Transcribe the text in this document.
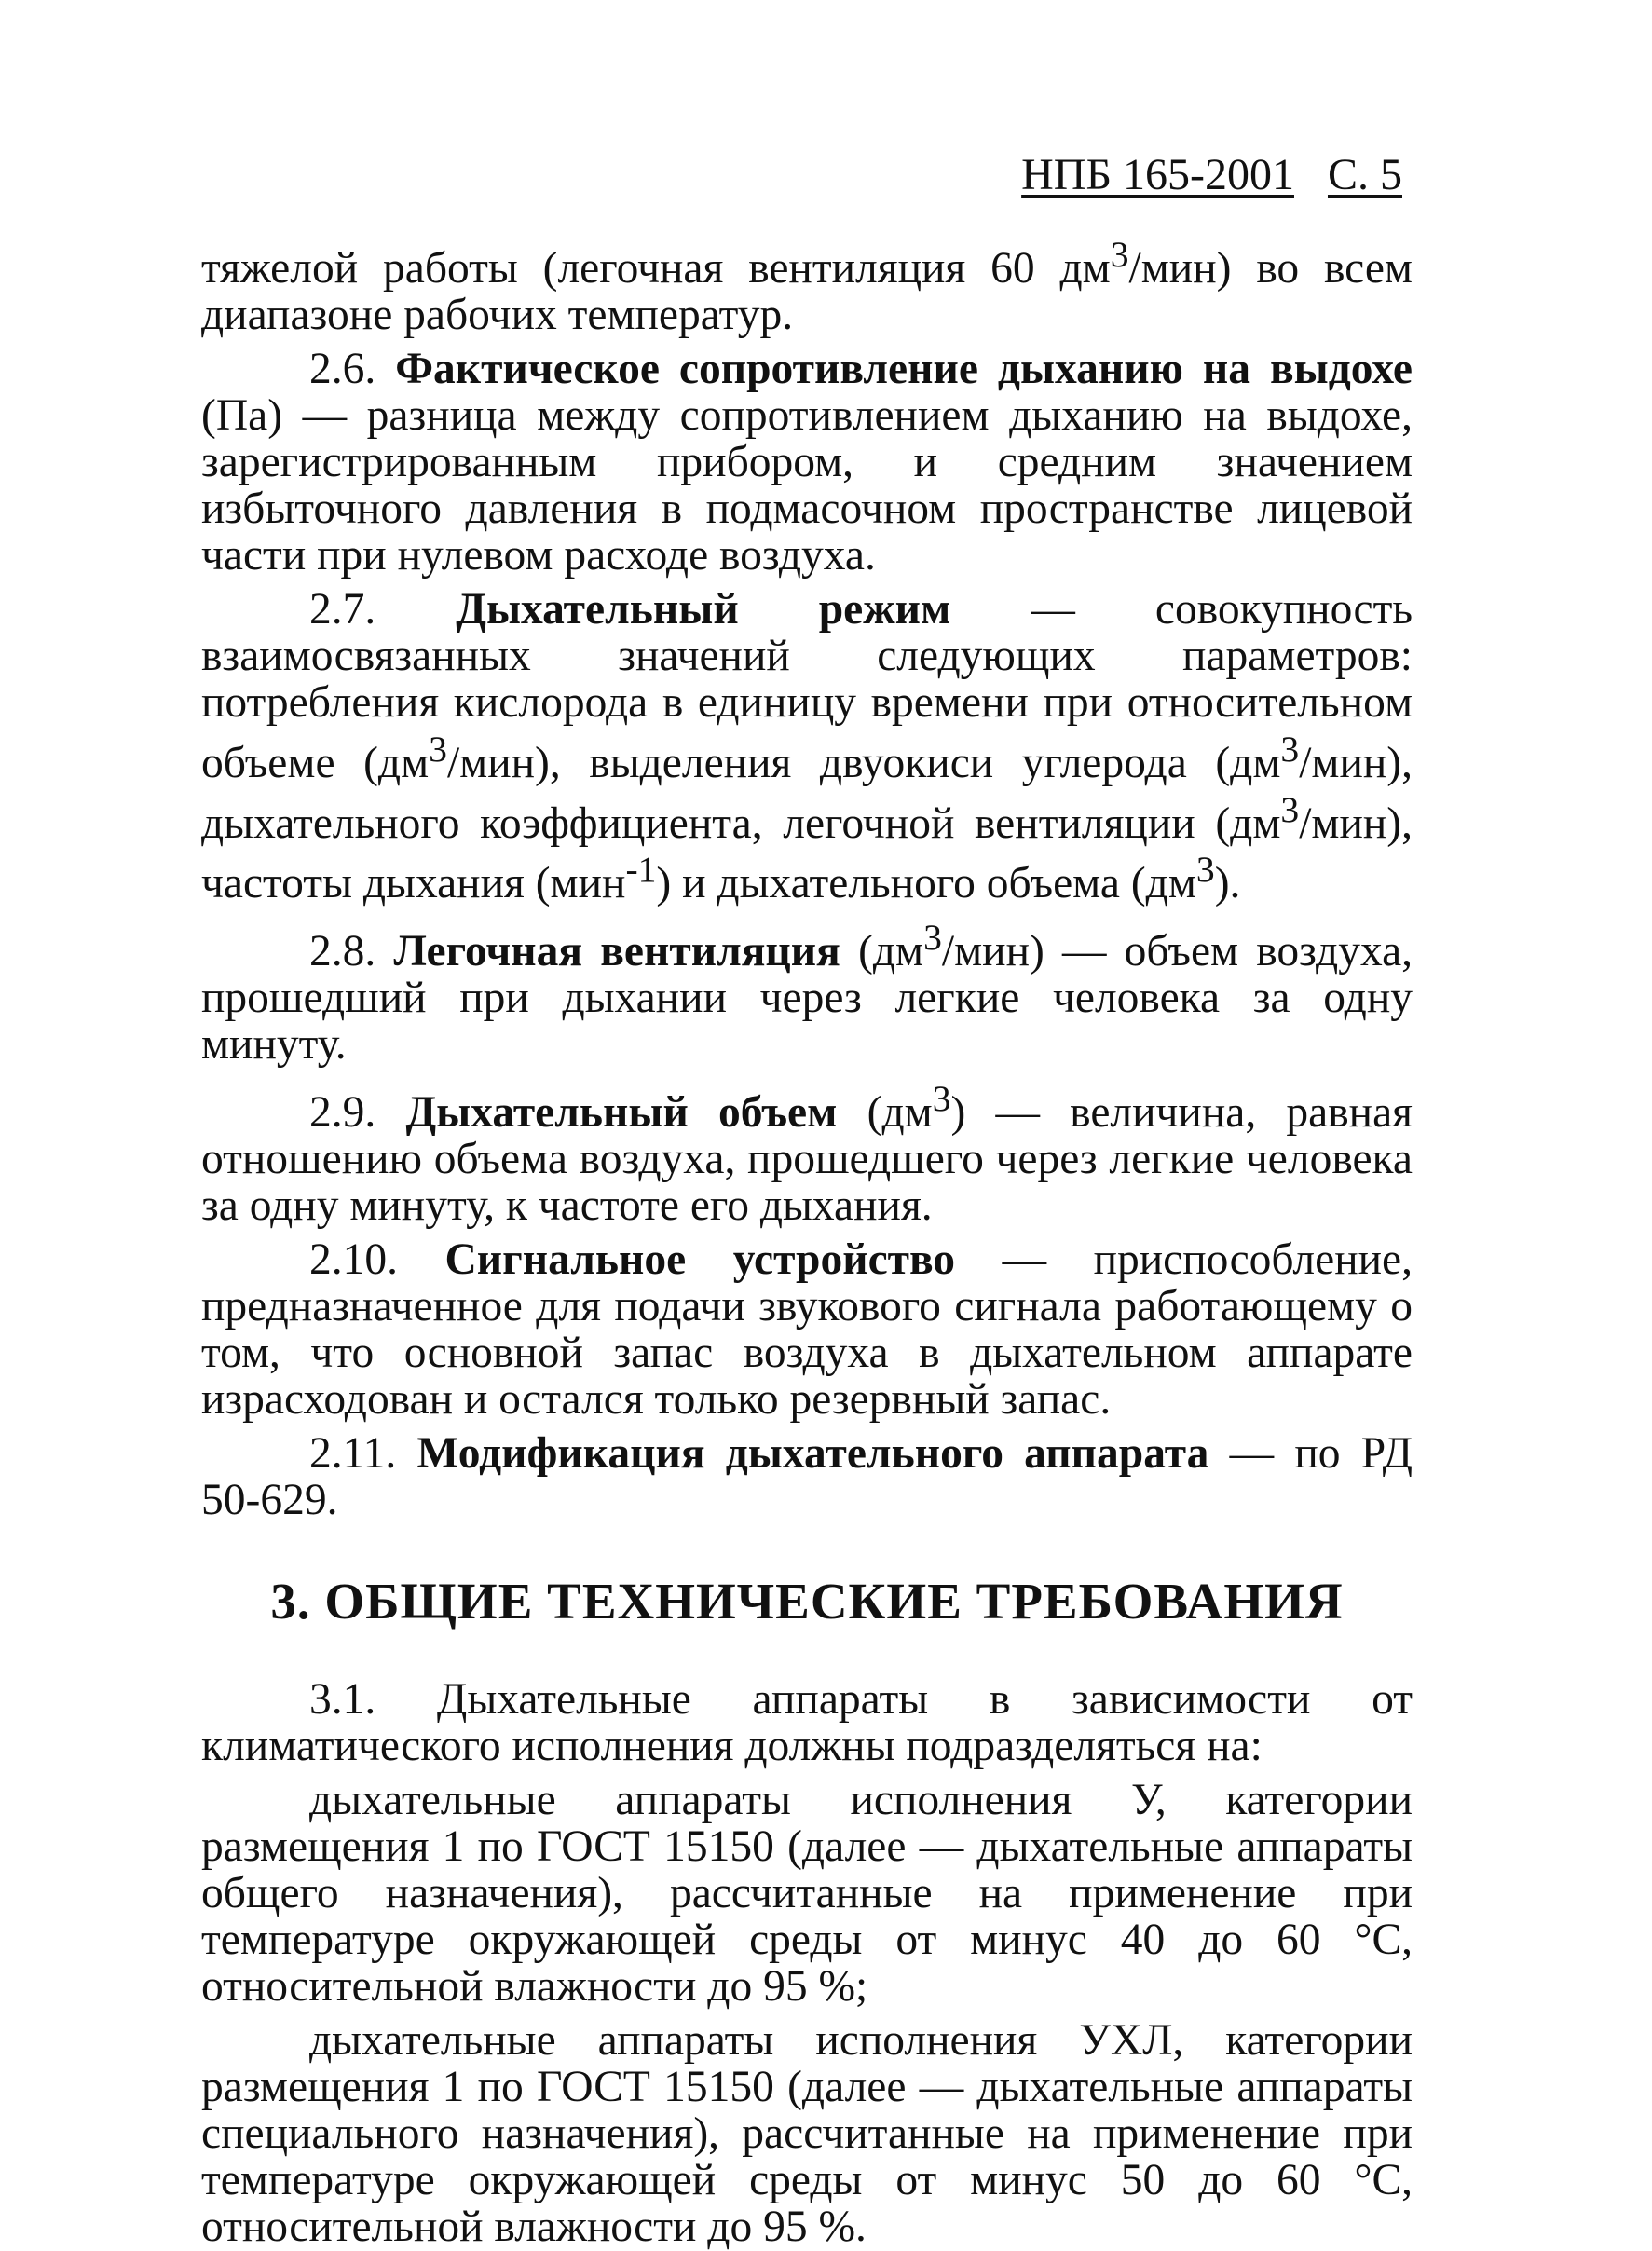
НПБ 165-2001 С. 5

тяжелой работы (легочная вентиляция 60 $дм^3/мин$) во всем диапазоне рабочих температур.

2.6. Фактическое сопротивление дыханию на выдохе (Па) — разница между сопротивлением дыханию на выдохе, зарегистрированным прибором, и средним значением избыточного давления в подмасочном пространстве лицевой части при нулевом расходе воздуха.

2.7. Дыхательный режим — совокупность взаимосвязанных значений следующих параметров: потребления кислорода в единицу времени при относительном объеме $(дм^3/мин)$, выделения двуокиси углерода $(дм^3/мин)$, дыхательного коэффициента, легочной вентиляции $(дм^3/мин)$, частоты дыхания (мин$^{-1}$) и дыхательного объема $(дм^3)$.

2.8. Легочная вентиляция $(дм^3/мин)$ — объем воздуха, прошедший при дыхании через легкие человека за одну минуту.

2.9. Дыхательный объем $(дм^3)$ — величина, равная отношению объема воздуха, прошедшего через легкие человека за одну минуту, к частоте его дыхания.

2.10. Сигнальное устройство — приспособление, предназначенное для подачи звукового сигнала работающему о том, что основной запас воздуха в дыхательном аппарате израсходован и остался только резервный запас.

2.11. Модификация дыхательного аппарата — по РД 50-629.

3. ОБЩИЕ ТЕХНИЧЕСКИЕ ТРЕБОВАНИЯ

3.1. Дыхательные аппараты в зависимости от климатического исполнения должны подразделяться на:

дыхательные аппараты исполнения У, категории размещения 1 по ГОСТ 15150 (далее — дыхательные аппараты общего назначения), рассчитанные на применение при температуре окружающей среды от минус 40 до 60 °С, относительной влажности до 95 %;

дыхательные аппараты исполнения УХЛ, категории размещения 1 по ГОСТ 15150 (далее — дыхательные аппараты специального назначения), рассчитанные на применение при температуре окружающей среды от минус 50 до 60 °С, относительной влажности до 95 %.
